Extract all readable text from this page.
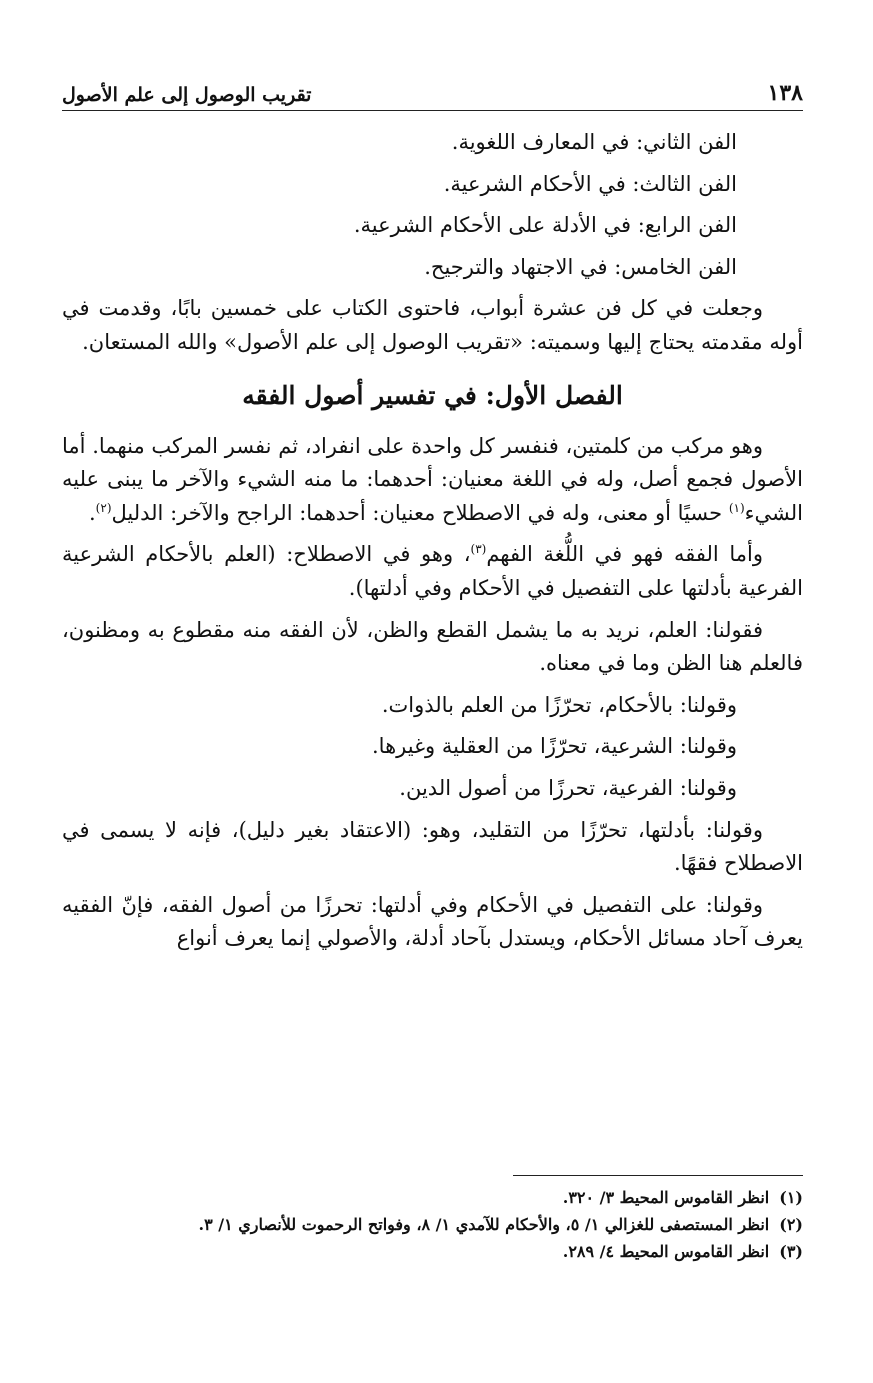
١٣٨
تقريب الوصول إلى علم الأصول

الفن الثاني: في المعارف اللغوية.

الفن الثالث: في الأحكام الشرعية.

الفن الرابع: في الأدلة على الأحكام الشرعية.

الفن الخامس: في الاجتهاد والترجيح.

وجعلت في كل فن عشرة أبواب، فاحتوى الكتاب على خمسين بابًا، وقدمت في أوله مقدمته يحتاج إليها وسميته: «تقريب الوصول إلى علم الأصول» والله المستعان.

الفصل الأول: في تفسير أصول الفقه

وهو مركب من كلمتين، فنفسر كل واحدة على انفراد، ثم نفسر المركب منهما. أما الأصول فجمع أصل، وله في اللغة معنيان: أحدهما: ما منه الشيء والآخر ما يبنى عليه الشيء$^{(١)}$ حسيًا أو معنى، وله في الاصطلاح معنيان: أحدهما: الراجح والآخر: الدليل$^{(٢)}$.

وأما الفقه فهو في اللُّغة الفهم$^{(٣)}$، وهو في الاصطلاح: (العلم بالأحكام الشرعية الفرعية بأدلتها على التفصيل في الأحكام وفي أدلتها).

فقولنا: العلم، نريد به ما يشمل القطع والظن، لأن الفقه منه مقطوع به ومظنون، فالعلم هنا الظن وما في معناه.

وقولنا: بالأحكام، تحرّزًا من العلم بالذوات.

وقولنا: الشرعية، تحرّزًا من العقلية وغيرها.

وقولنا: الفرعية، تحرزًا من أصول الدين.

وقولنا: بأدلتها، تحرّزًا من التقليد، وهو: (الاعتقاد بغير دليل)، فإنه لا يسمى في الاصطلاح فقهًا.

وقولنا: على التفصيل في الأحكام وفي أدلتها: تحرزًا من أصول الفقه، فإنّ الفقيه يعرف آحاد مسائل الأحكام، ويستدل بآحاد أدلة، والأصولي إنما يعرف أنواع

(١)
انظر القاموس المحيط ٣/ ٣٢٠.
(٢)
انظر المستصفى للغزالي ١/ ٥، والأحكام للآمدي ١/ ٨، وفواتح الرحموت للأنصاري ١/ ٣.
(٣)
انظر القاموس المحيط ٤/ ٢٨٩.
